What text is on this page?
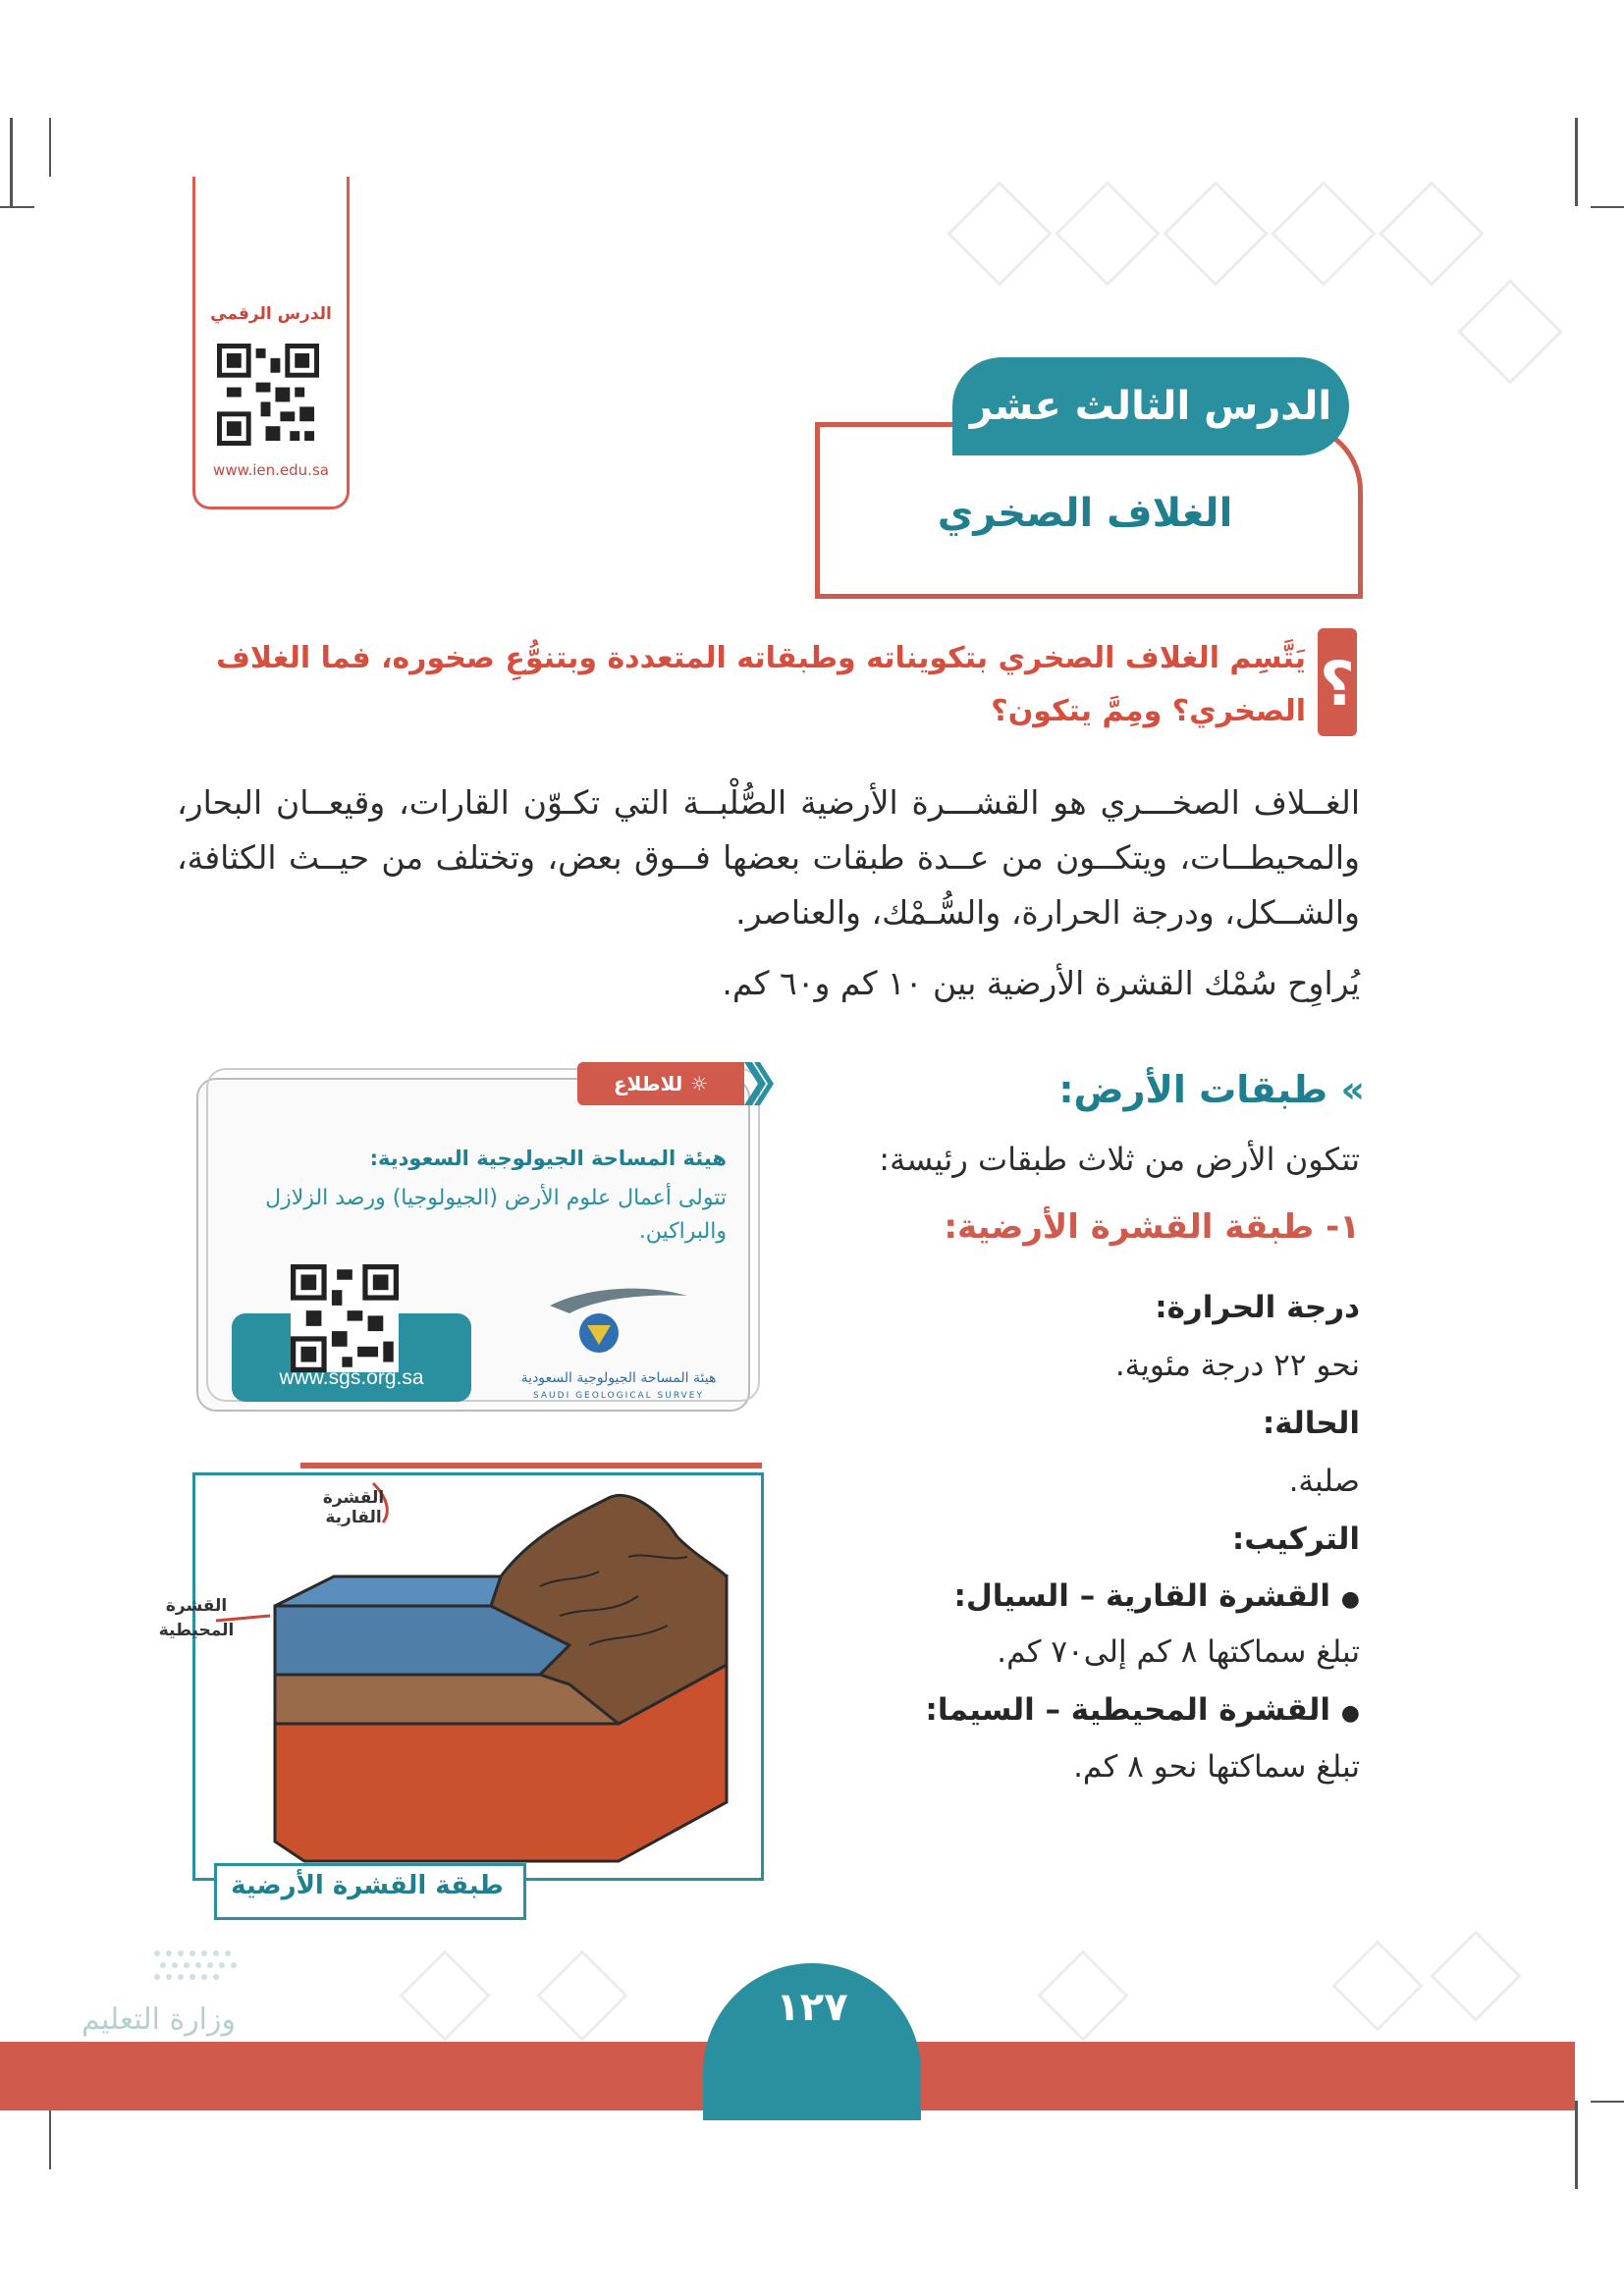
الدرس الرقمي
www.ien.edu.sa
الدرس الثالث عشر
الغلاف الصخري
؟
يَتَّسِم الغلاف الصخري بتكويناته وطبقاته المتعددة وبتنوُّعِ صخوره، فما الغلاف الصخري؟ ومِمَّ يتكون؟
الغــلاف الصخـــري هو القشـــرة الأرضية الصُّلْبــة التي تكـوّن القارات، وقيعــان البحار، والمحيطــات، ويتكــون من عــدة طبقات بعضها فــوق بعض، وتختلف من حيــث الكثافة، والشــكل، ودرجة الحرارة، والسُّـمْك، والعناصر.
يُراوِح سُمْك القشرة الأرضية بين ١٠ كم و٦٠ كم.
» طبقات الأرض:
تتكون الأرض من ثلاث طبقات رئيسة:
١- طبقة القشرة الأرضية:
درجة الحرارة:
نحو ٢٢ درجة مئوية.
الحالة:
صلبة.
التركيب:
● القشرة القارية – السيال:
تبلغ سماكتها ٨ كم إلى٧٠ كم.
● القشرة المحيطية – السيما:
تبلغ سماكتها نحو ٨ كم.
☼
للاطلاع
هيئة المساحة الجيولوجية السعودية:
تتولى أعمال علوم الأرض (الجيولوجيا) ورصد الزلازل والبراكين.
www.sgs.org.sa	هيئة المساحة الجيولوجية السعودية
SAUDI GEOLOGICAL SURVEY
القشرة
القارية
القشرة
المحيطية
طبقة القشرة الأرضية
وزارة التعليم	١٢٧
